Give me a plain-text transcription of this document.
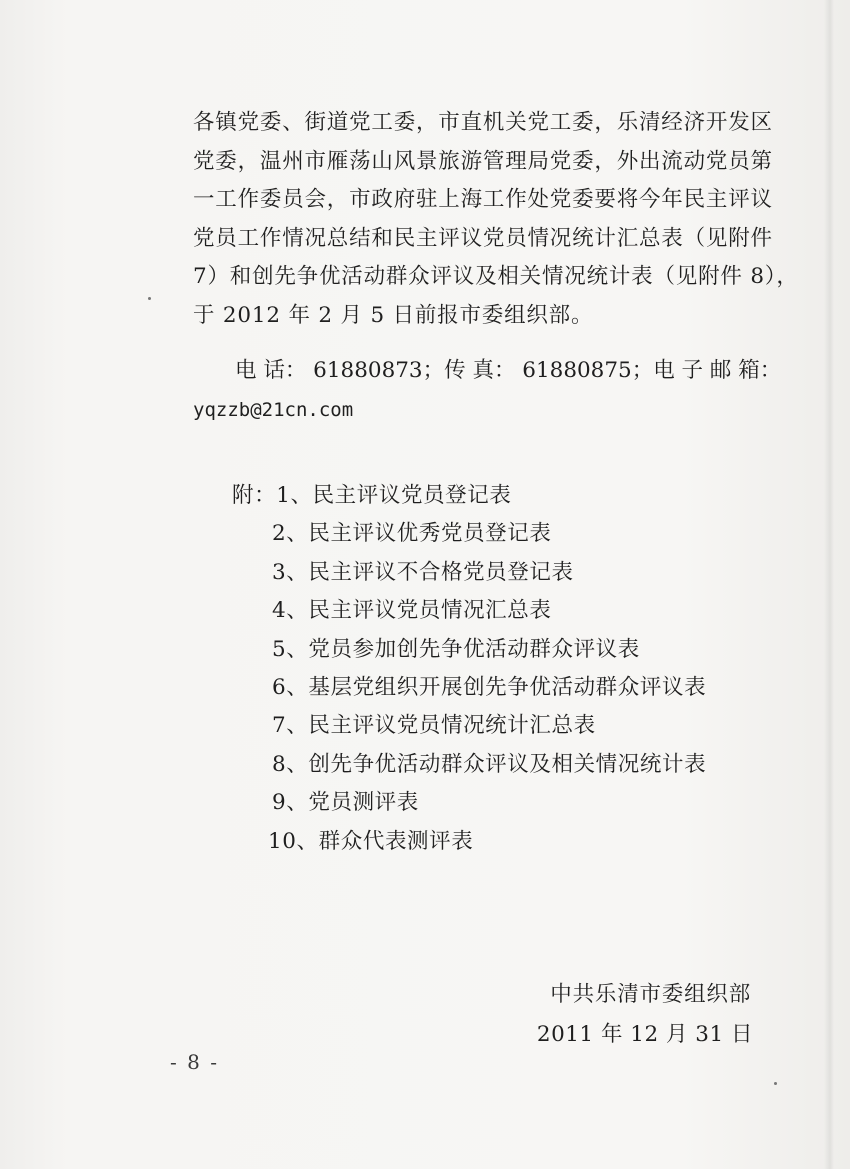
各镇党委、街道党工委，市直机关党工委，乐清经济开发区
党委，温州市雁荡山风景旅游管理局党委，外出流动党员第
一工作委员会，市政府驻上海工作处党委要将今年民主评议
党员工作情况总结和民主评议党员情况统计汇总表（见附件
7）和创先争优活动群众评议及相关情况统计表（见附件 8），
于 2012 年 2 月 5 日前报市委组织部。

电 话： 61880873； 传 真： 61880875； 电 子 邮 箱：
yqzzb@21cn.com
附：1、民主评议党员登记表
2、民主评议优秀党员登记表
3、民主评议不合格党员登记表
4、民主评议党员情况汇总表
5、党员参加创先争优活动群众评议表
6、基层党组织开展创先争优活动群众评议表
7、民主评议党员情况统计汇总表
8、创先争优活动群众评议及相关情况统计表
9、党员测评表
10、群众代表测评表
中共乐清市委组织部
2011 年 12 月 31 日
- 8 -
